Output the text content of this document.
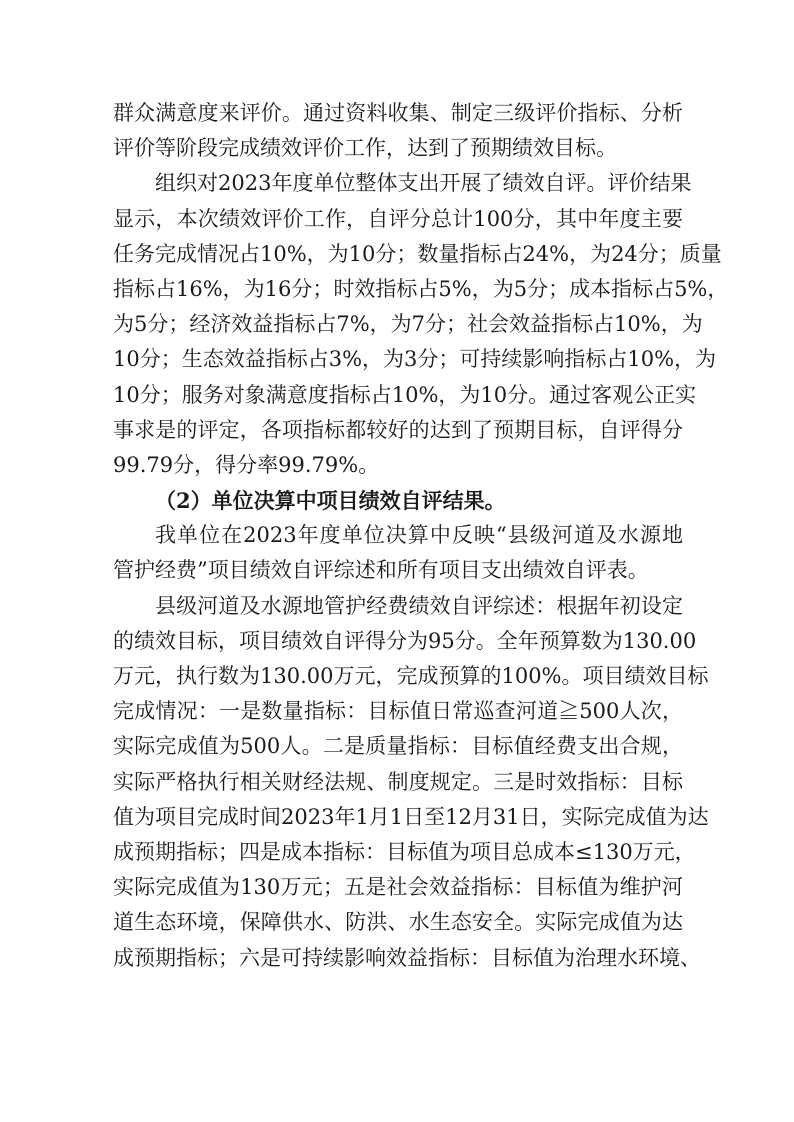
群众满意度来评价。通过资料收集、制定三级评价指标、分析
评价等阶段完成绩效评价工作，达到了预期绩效目标。
组织对2023年度单位整体支出开展了绩效自评。评价结果
显示，本次绩效评价工作，自评分总计100分，其中年度主要
任务完成情况占10%，为10分；数量指标占24%，为24分；质量
指标占16%，为16分；时效指标占5%，为5分；成本指标占5%，
为5分；经济效益指标占7%，为7分；社会效益指标占10%，为
10分；生态效益指标占3%，为3分；可持续影响指标占10%，为
10分；服务对象满意度指标占10%，为10分。通过客观公正实
事求是的评定，各项指标都较好的达到了预期目标，自评得分
99.79分，得分率99.79%。
（2）单位决算中项目绩效自评结果。
我单位在2023年度单位决算中反映“县级河道及水源地
管护经费”项目绩效自评综述和所有项目支出绩效自评表。
县级河道及水源地管护经费绩效自评综述：根据年初设定
的绩效目标，项目绩效自评得分为95分。全年预算数为130.00
万元，执行数为130.00万元，完成预算的100%。项目绩效目标
完成情况：一是数量指标：目标值日常巡查河道≧500人次，
实际完成值为500人。二是质量指标：目标值经费支出合规，
实际严格执行相关财经法规、制度规定。三是时效指标：目标
值为项目完成时间2023年1月1日至12月31日，实际完成值为达
成预期指标；四是成本指标：目标值为项目总成本≤130万元，
实际完成值为130万元；五是社会效益指标：目标值为维护河
道生态环境，保障供水、防洪、水生态安全。实际完成值为达
成预期指标；六是可持续影响效益指标：目标值为治理水环境、
